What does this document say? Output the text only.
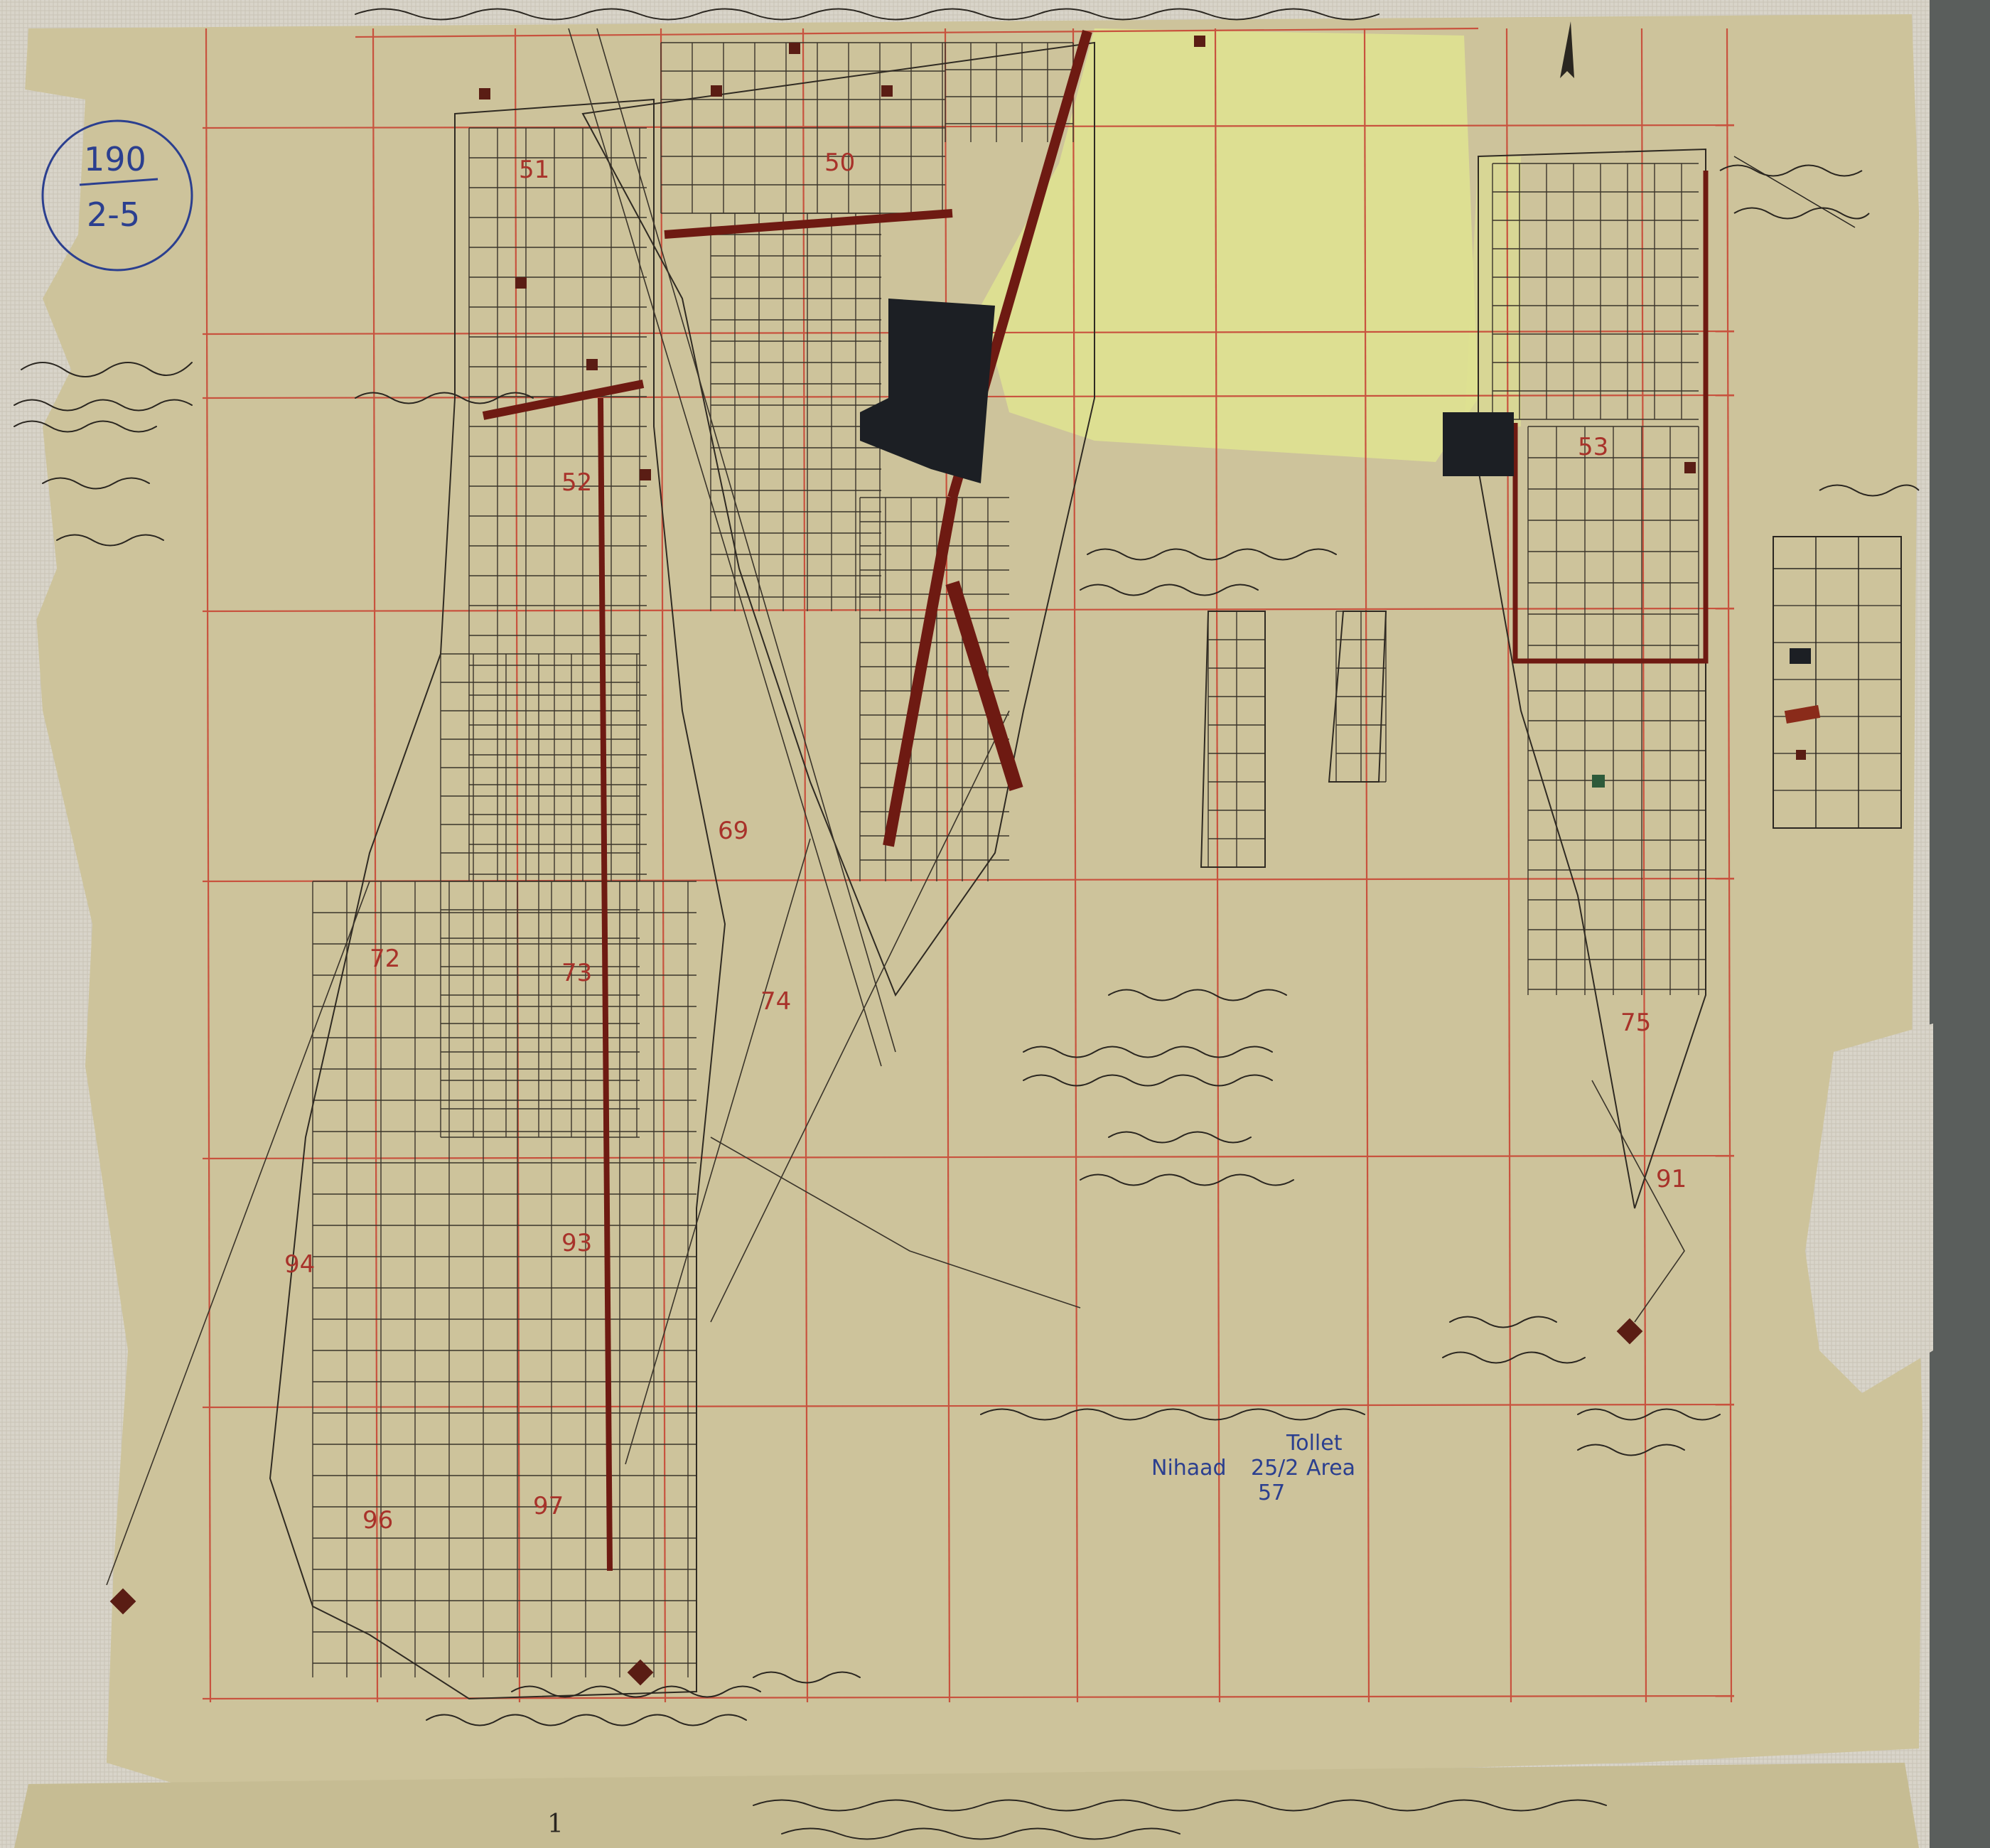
50
51
52
53
69
72	73
74
75
91
93
94
96	97
190
2-5
Nihaad
Tollet
Area
25/2
57
1
